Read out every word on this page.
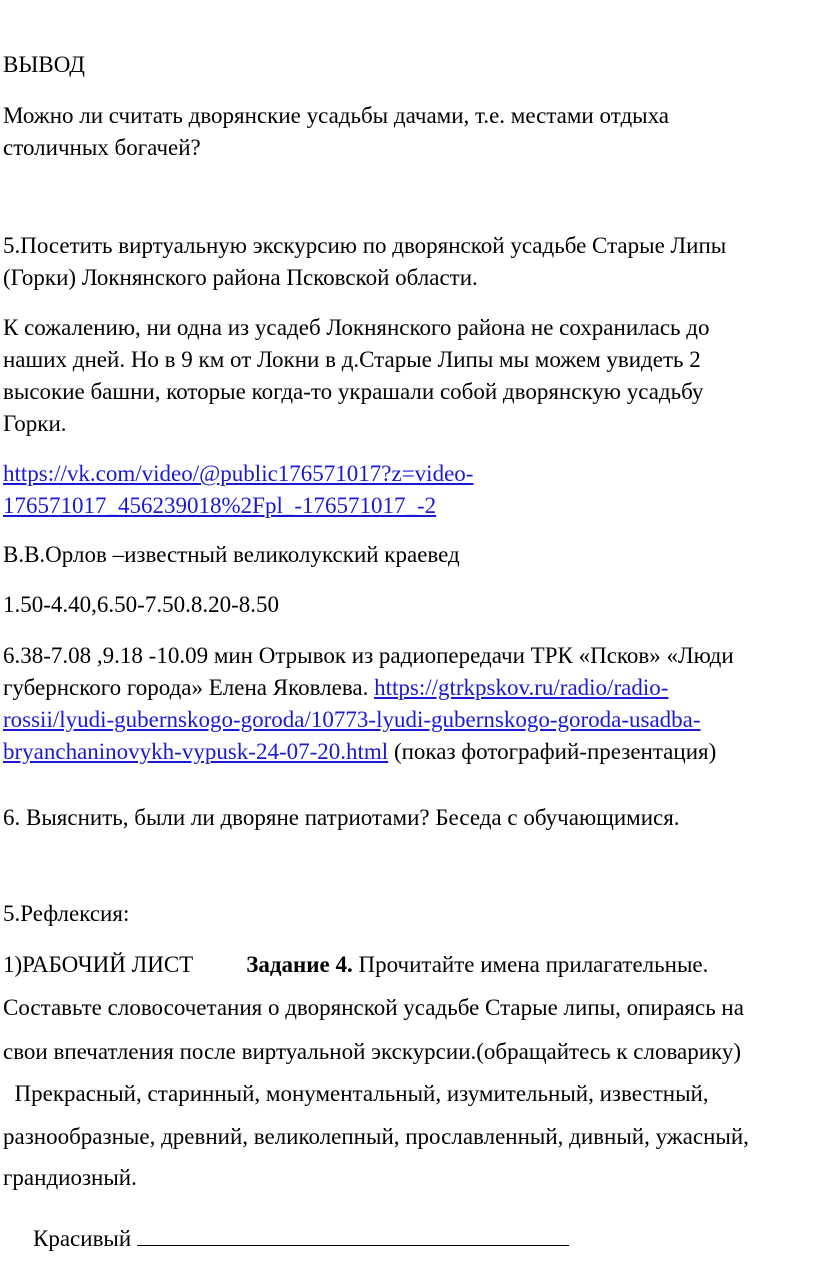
ВЫВОД
Можно ли считать дворянские усадьбы дачами, т.е. местами отдыха
столичных богачей?
5.Посетить виртуальную экскурсию по дворянской усадьбе Старые Липы
(Горки) Локнянского района Псковской области.
К сожалению, ни одна из усадеб Локнянского района не сохранилась до
наших дней. Но в 9 км от Локни в д.Старые Липы мы можем увидеть 2
высокие башни, которые когда-то украшали собой дворянскую усадьбу
Горки.
https://vk.com/video/@public176571017?z=video-
176571017_456239018%2Fpl_-176571017_-2
В.В.Орлов –известный великолукский краевед
1.50-4.40,6.50-7.50.8.20-8.50
6.38-7.08 ,9.18 -10.09 мин Отрывок из радиопередачи ТРК «Псков» «Люди
губернского города» Елена Яковлева. https://gtrkpskov.ru/radio/radio-
rossii/lyudi-gubernskogo-goroda/10773-lyudi-gubernskogo-goroda-usadba-
bryanchaninovykh-vypusk-24-07-20.html (показ фотографий-презентация)
6. Выяснить, были ли дворяне патриотами? Беседа с обучающимися.
5.Рефлексия:
1)РАБОЧИЙ ЛИСТ Задание 4. Прочитайте имена прилагательные.
Составьте словосочетания о дворянской усадьбе Старые липы, опираясь на
свои впечатления после виртуальной экскурсии.(обращайтесь к словарику)
Прекрасный, старинный, монументальный, изумительный, известный,
разнообразные, древний, великолепный, прославленный, дивный, ужасный,
грандиозный.
Красивый
